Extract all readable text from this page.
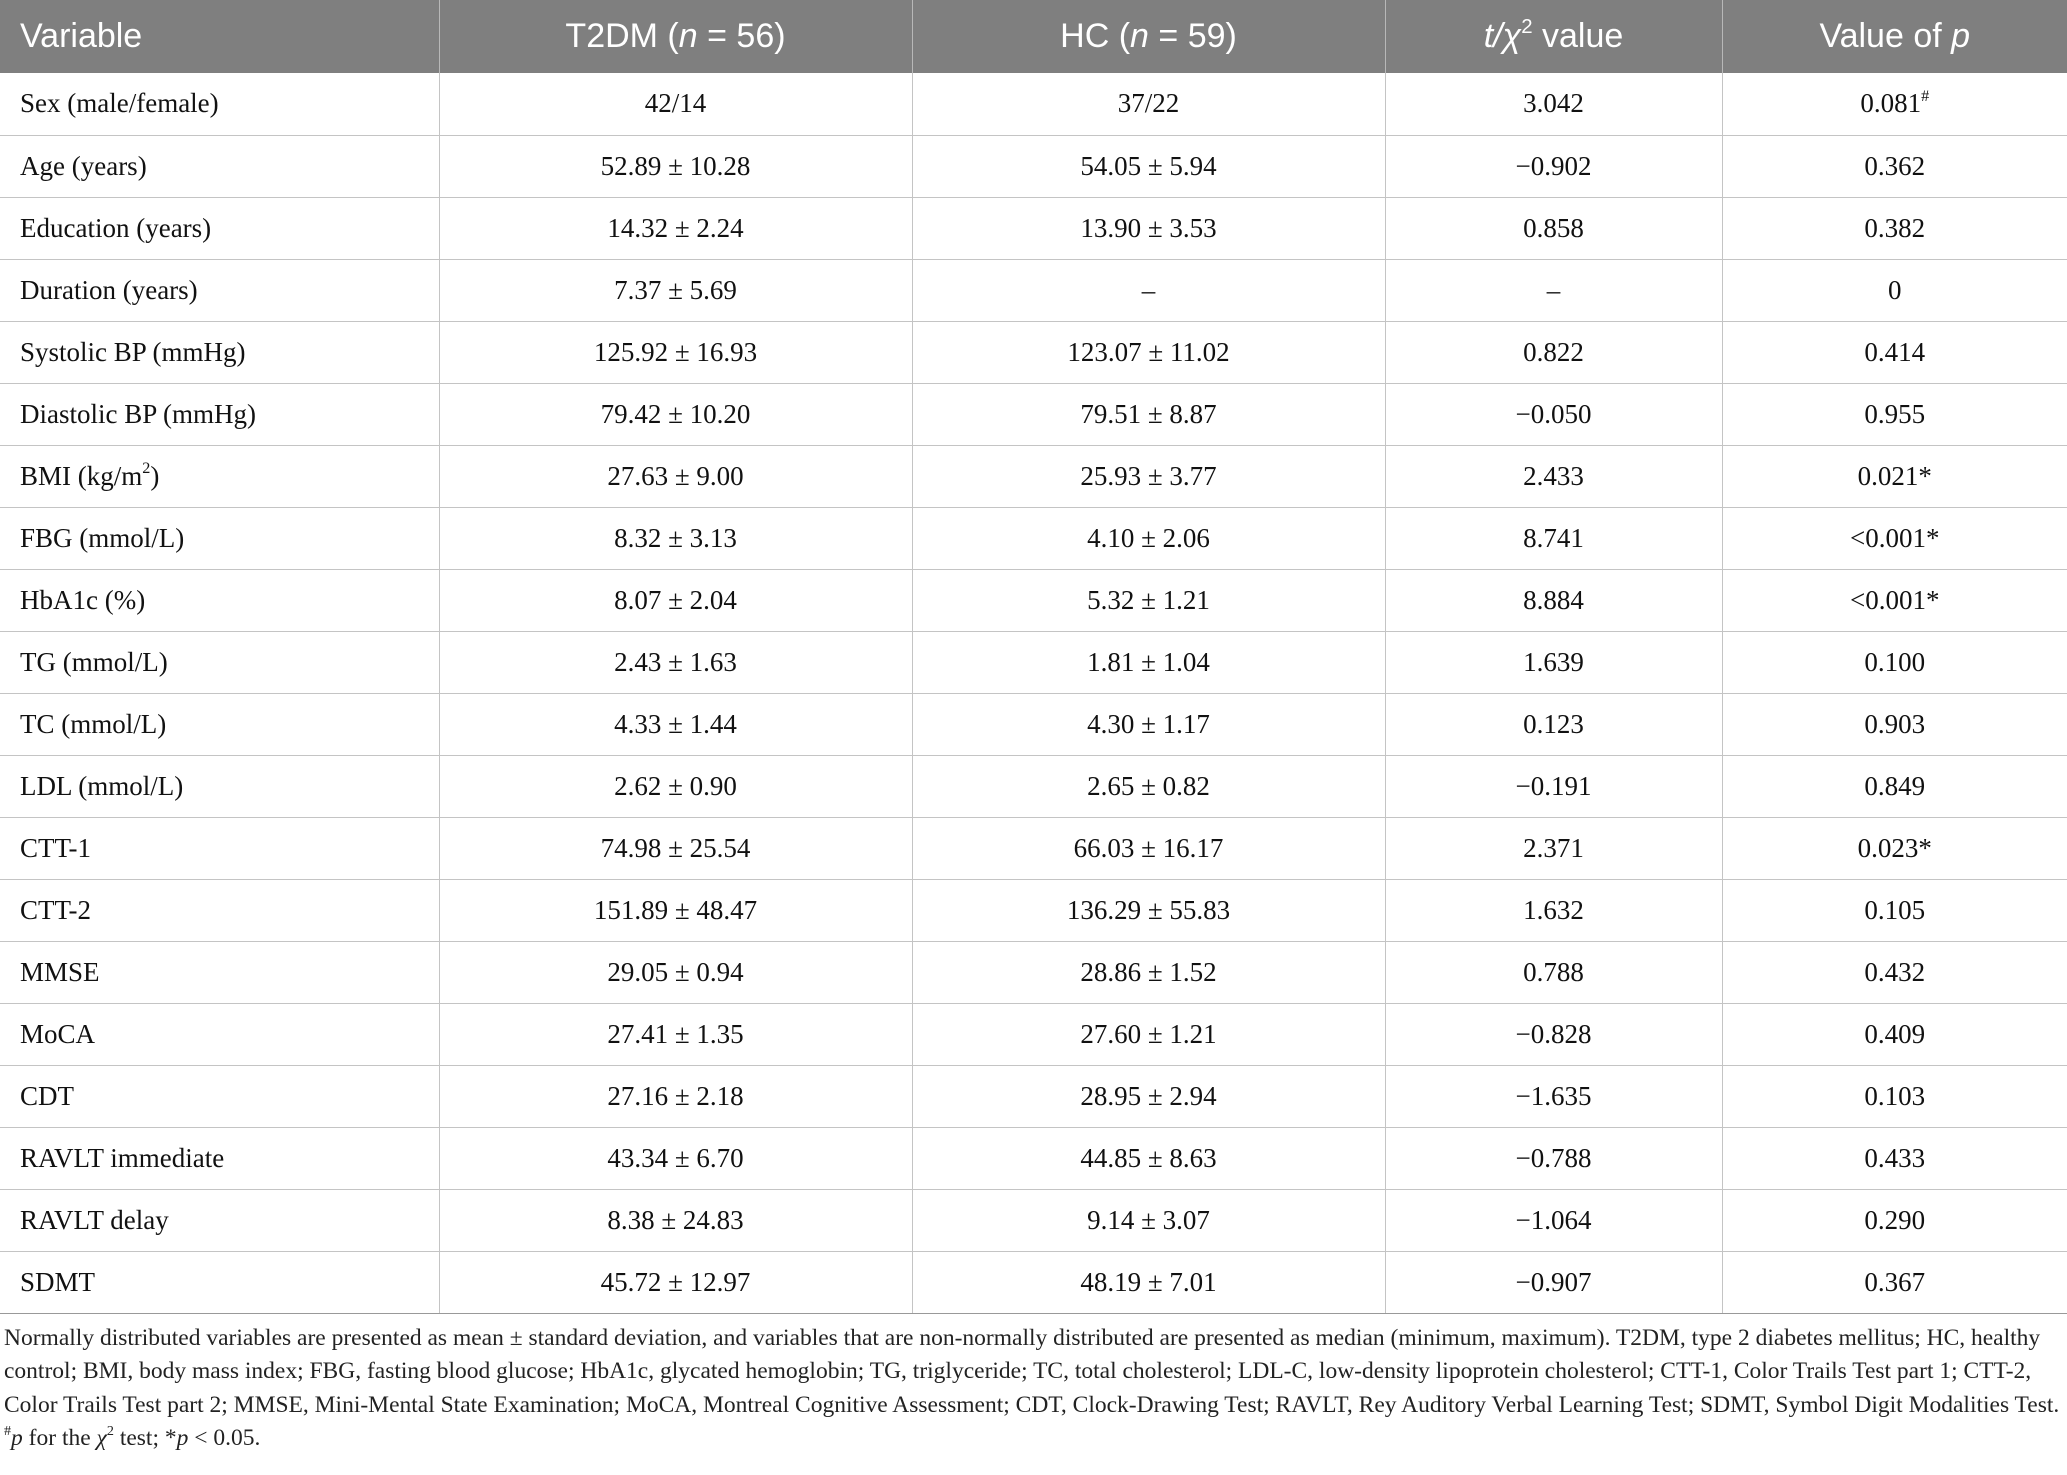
Variable	T2DM (n = 56)	HC (n = 59)	$t/\chi^2$ value	Value of p
Sex (male/female)	42/14	37/22	3.042	0.081#
Age (years)	52.89 ± 10.28	54.05 ± 5.94	−0.902	0.362
Education (years)	14.32 ± 2.24	13.90 ± 3.53	0.858	0.382
Duration (years)	7.37 ± 5.69	–	–	0
Systolic BP (mmHg)	125.92 ± 16.93	123.07 ± 11.02	0.822	0.414
Diastolic BP (mmHg)	79.42 ± 10.20	79.51 ± 8.87	−0.050	0.955
BMI $(kg/m^2)$	27.63 ± 9.00	25.93 ± 3.77	2.433	0.021*
FBG (mmol/L)	8.32 ± 3.13	4.10 ± 2.06	8.741	<0.001*
HbA1c (%)	8.07 ± 2.04	5.32 ± 1.21	8.884	<0.001*
TG (mmol/L)	2.43 ± 1.63	1.81 ± 1.04	1.639	0.100
TC (mmol/L)	4.33 ± 1.44	4.30 ± 1.17	0.123	0.903
LDL (mmol/L)	2.62 ± 0.90	2.65 ± 0.82	−0.191	0.849
CTT-1	74.98 ± 25.54	66.03 ± 16.17	2.371	0.023*
CTT-2	151.89 ± 48.47	136.29 ± 55.83	1.632	0.105
MMSE	29.05 ± 0.94	28.86 ± 1.52	0.788	0.432
MoCA	27.41 ± 1.35	27.60 ± 1.21	−0.828	0.409
CDT	27.16 ± 2.18	28.95 ± 2.94	−1.635	0.103
RAVLT immediate	43.34 ± 6.70	44.85 ± 8.63	−0.788	0.433
RAVLT delay	8.38 ± 24.83	9.14 ± 3.07	−1.064	0.290
SDMT	45.72 ± 12.97	48.19 ± 7.01	−0.907	0.367
Normally distributed variables are presented as mean ± standard deviation, and variables that are non-normally distributed are presented as median (minimum, maximum). T2DM, type 2 diabetes mellitus; HC, healthy control; BMI, body mass index; FBG, fasting blood glucose; HbA1c, glycated hemoglobin; TG, triglyceride; TC, total cholesterol; LDL-C, low-density lipoprotein cholesterol; CTT-1, Color Trails Test part 1; CTT-2, Color Trails Test part 2; MMSE, Mini-Mental State Examination; MoCA, Montreal Cognitive Assessment; CDT, Clock-Drawing Test; RAVLT, Rey Auditory Verbal Learning Test; SDMT, Symbol Digit Modalities Test. #p for the $\chi^2$ test; *p < 0.05.
